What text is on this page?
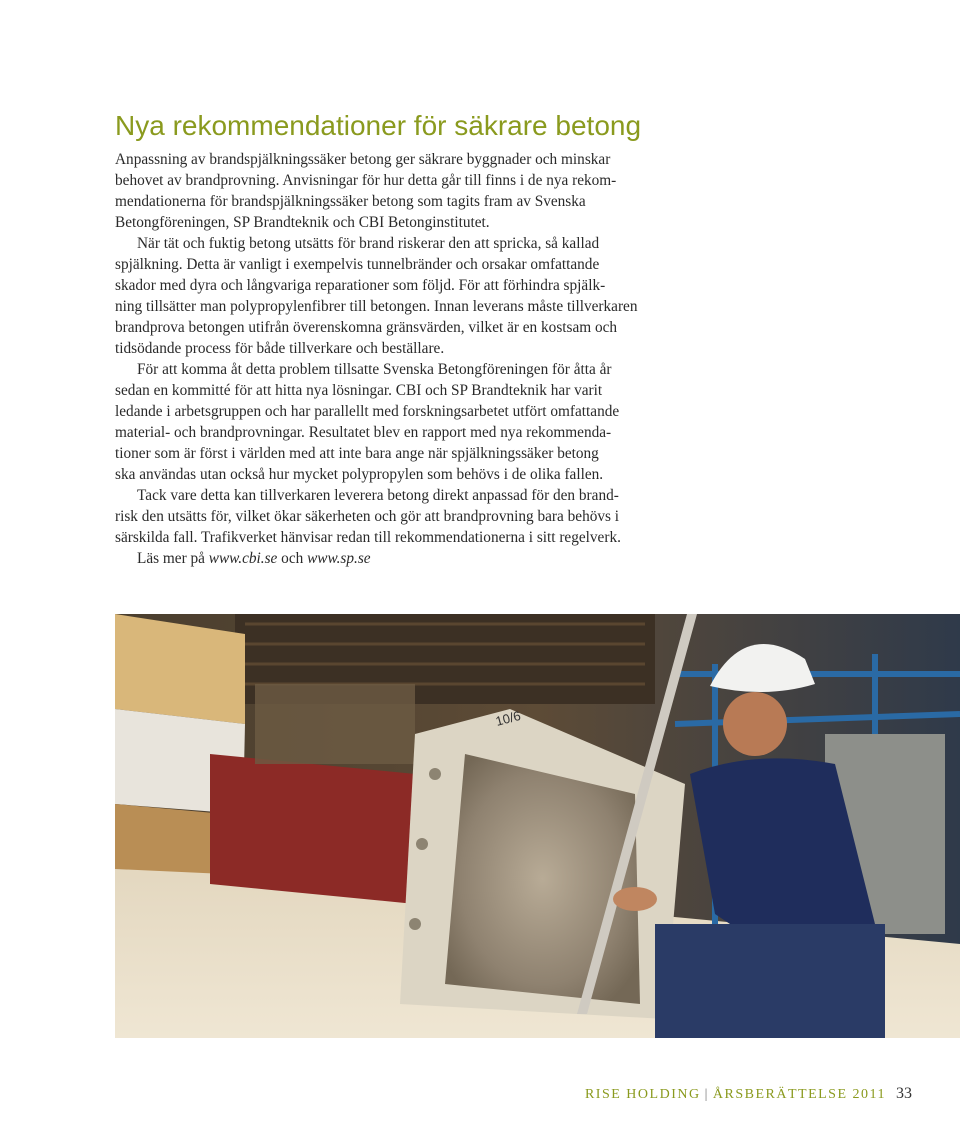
Nya rekommendationer för säkrare betong

Anpassning av brandspjälkningssäker betong ger säkrare byggnader och minskar
behovet av brandprovning. Anvisningar för hur detta går till finns i de nya rekom-
mendationerna för brandspjälkningssäker betong som tagits fram av Svenska
Betongföreningen, SP Brandteknik och CBI Betonginstitutet.

När tät och fuktig betong utsätts för brand riskerar den att spricka, så kallad
spjälkning. Detta är vanligt i exempelvis tunnelbränder och orsakar omfattande
skador med dyra och långvariga reparationer som följd. För att förhindra spjälk-
ning tillsätter man polypropylenfibrer till betongen. Innan leverans måste tillverkaren
brandprova betongen utifrån överenskomna gränsvärden, vilket är en kostsam och
tidsödande process för både tillverkare och beställare.

För att komma åt detta problem tillsatte Svenska Betongföreningen för åtta år
sedan en kommitté för att hitta nya lösningar. CBI och SP Brandteknik har varit
ledande i arbetsgruppen och har parallellt med forskningsarbetet utfört omfattande
material- och brandprovningar. Resultatet blev en rapport med nya rekommenda-
tioner som är först i världen med att inte bara ange när spjälkningssäker betong
ska användas utan också hur mycket polypropylen som behövs i de olika fallen.

Tack vare detta kan tillverkaren leverera betong direkt anpassad för den brand-
risk den utsätts för, vilket ökar säkerheten och gör att brandprovning bara behövs i
särskilda fall. Trafikverket hänvisar redan till rekommendationerna i sitt regelverk.

Läs mer på www.cbi.se och www.sp.se

10/6
RISE HOLDING | ÅRSBERÄTTELSE 2011 33
